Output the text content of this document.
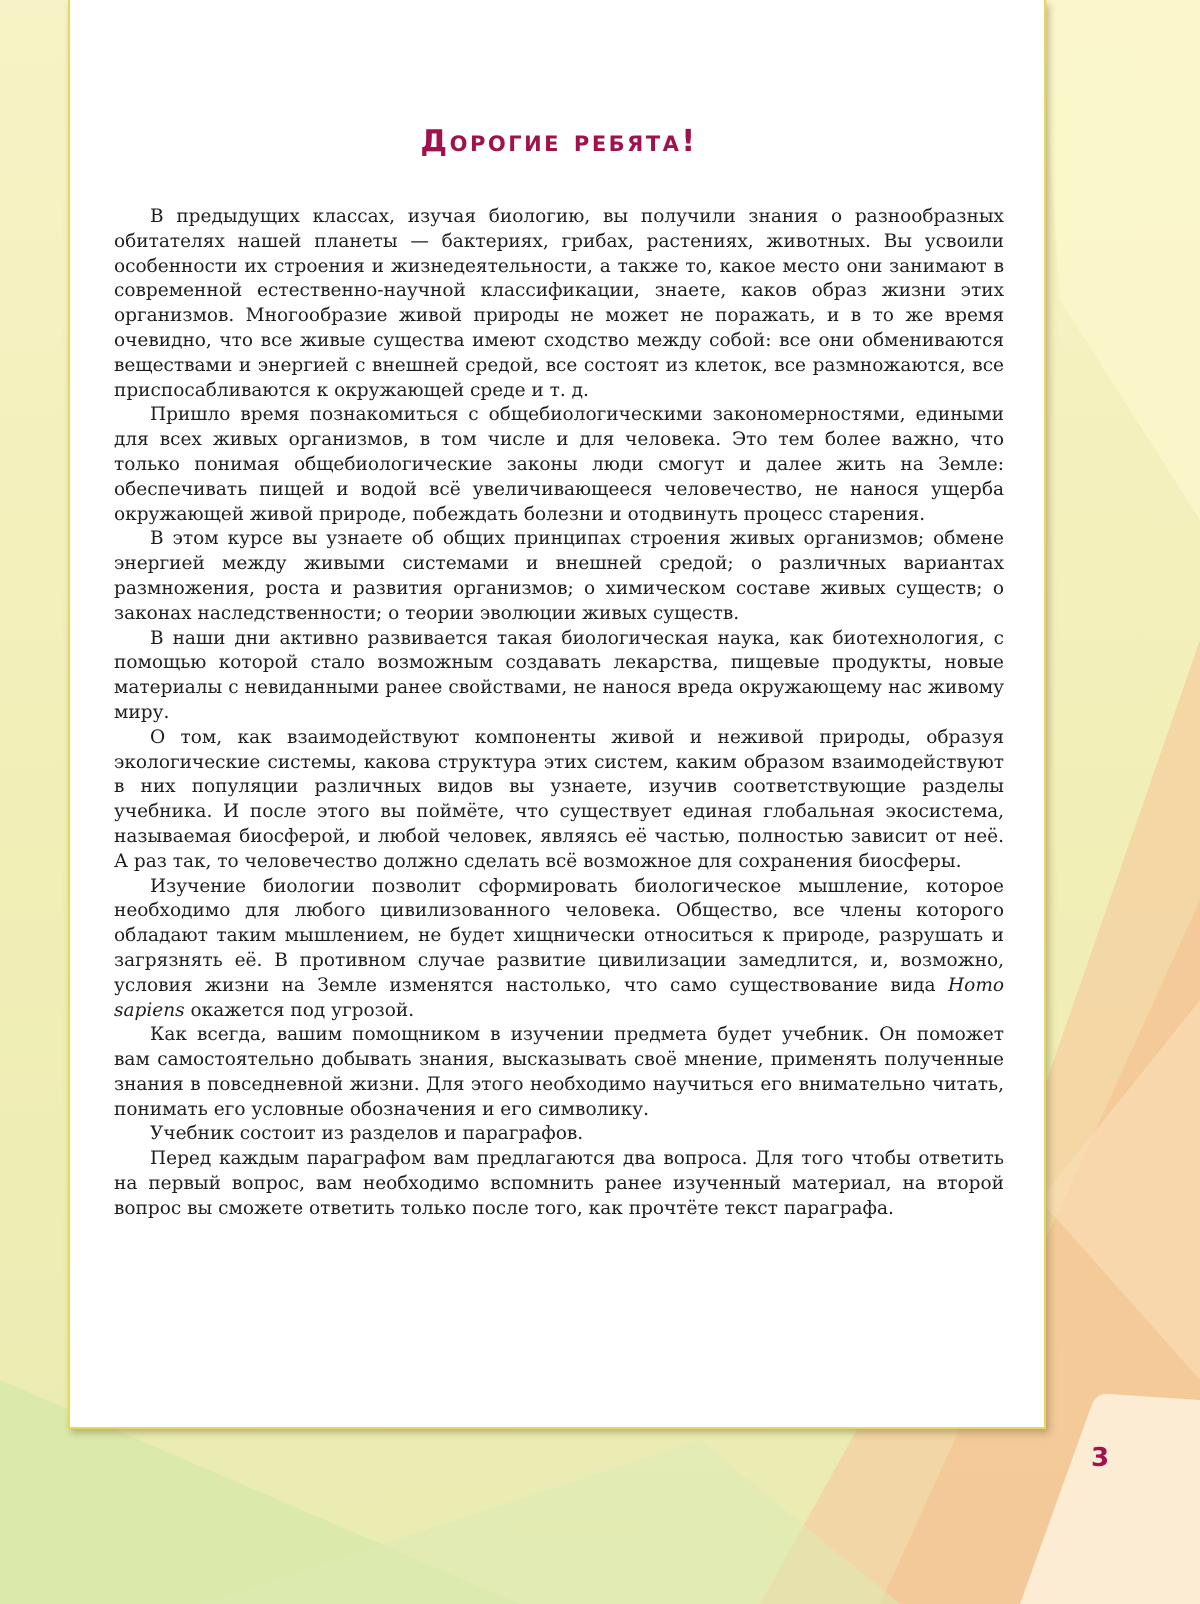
Дорогие ребята!

В предыдущих классах, изучая биологию, вы получили знания о разнообразных обитателях нашей планеты — бактериях, грибах, растениях, животных. Вы усвоили особенности их строения и жизнедеятельности, а также то, какое место они занимают в современной естественно-научной классификации, знаете, каков образ жизни этих организмов. Многообразие живой природы не может не поражать, и в то же время очевидно, что все живые существа имеют сходство между собой: все они обмениваются веществами и энергией с внешней средой, все состоят из клеток, все размножаются, все приспосабливаются к окружающей среде и т. д.

Пришло время познакомиться с общебиологическими закономерностями, едиными для всех живых организмов, в том числе и для человека. Это тем более важно, что только понимая общебиологические законы люди смогут и далее жить на Земле: обеспечивать пищей и водой всё увеличивающееся человечество, не нанося ущерба окружающей живой природе, побеждать болезни и отодвинуть процесс старения.

В этом курсе вы узнаете об общих принципах строения живых организмов; обмене энергией между живыми системами и внешней средой; о различных вариантах размножения, роста и развития организмов; о химическом составе живых существ; о законах наследственности; о теории эволюции живых существ.

В наши дни активно развивается такая биологическая наука, как биотехнология, с помощью которой стало возможным создавать лекарства, пищевые продукты, новые материалы с невиданными ранее свойствами, не нанося вреда окружающему нас живому миру.

О том, как взаимодействуют компоненты живой и неживой природы, образуя экологические системы, какова структура этих систем, каким образом взаимодействуют в них популяции различных видов вы узнаете, изучив соответствующие разделы учебника. И после этого вы поймёте, что существует единая глобальная экосистема, называемая биосферой, и любой человек, являясь её частью, полностью зависит от неё. А раз так, то человечество должно сделать всё возможное для сохранения биосферы.

Изучение биологии позволит сформировать биологическое мышление, которое необходимо для любого цивилизованного человека. Общество, все члены которого обладают таким мышлением, не будет хищнически относиться к природе, разрушать и загрязнять её. В противном случае развитие цивилизации замедлится, и, возможно, условия жизни на Земле изменятся настолько, что само существование вида Homo sapiens окажется под угрозой.

Как всегда, вашим помощником в изучении предмета будет учебник. Он поможет вам самостоятельно добывать знания, высказывать своё мнение, применять полученные знания в повседневной жизни. Для этого необходимо научиться его внимательно читать, понимать его условные обозначения и его символику.

Учебник состоит из разделов и параграфов.

Перед каждым параграфом вам предлагаются два вопроса. Для того чтобы ответить на первый вопрос, вам необходимо вспомнить ранее изученный материал, на второй вопрос вы сможете ответить только после того, как прочтёте текст параграфа.

3
